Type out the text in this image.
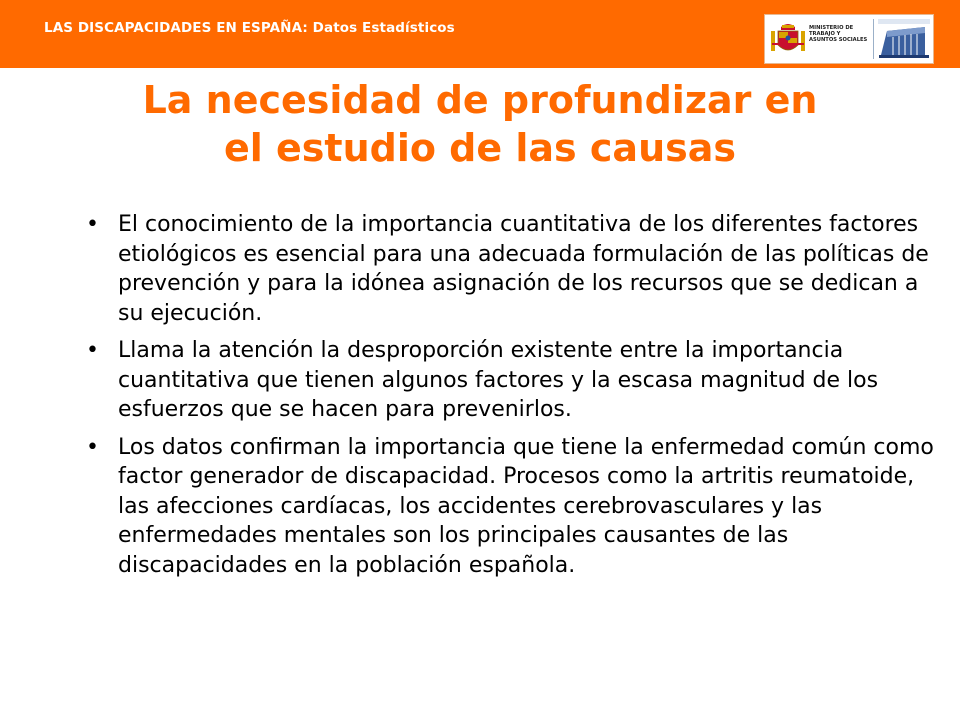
LAS DISCAPACIDADES EN ESPAÑA: Datos Estadísticos	MINISTERIO DE TRABAJO Y ASUNTOS SOCIALES
La necesidad de profundizar en
el estudio de las causas
• El conocimiento de la importancia cuantitativa de los diferentes factores etiológicos es esencial para una adecuada formulación de las políticas de prevención y para la idónea asignación de los recursos que se dedican a su ejecución.
• Llama la atención la desproporción existente entre la importancia cuantitativa que tienen algunos factores y la escasa magnitud de los esfuerzos que se hacen para prevenirlos.
• Los datos confirman la importancia que tiene la enfermedad común como factor generador de discapacidad. Procesos como la artritis reumatoide, las afecciones cardíacas, los accidentes cerebrovasculares y las enfermedades mentales son los principales causantes de las discapacidades en la población española.
